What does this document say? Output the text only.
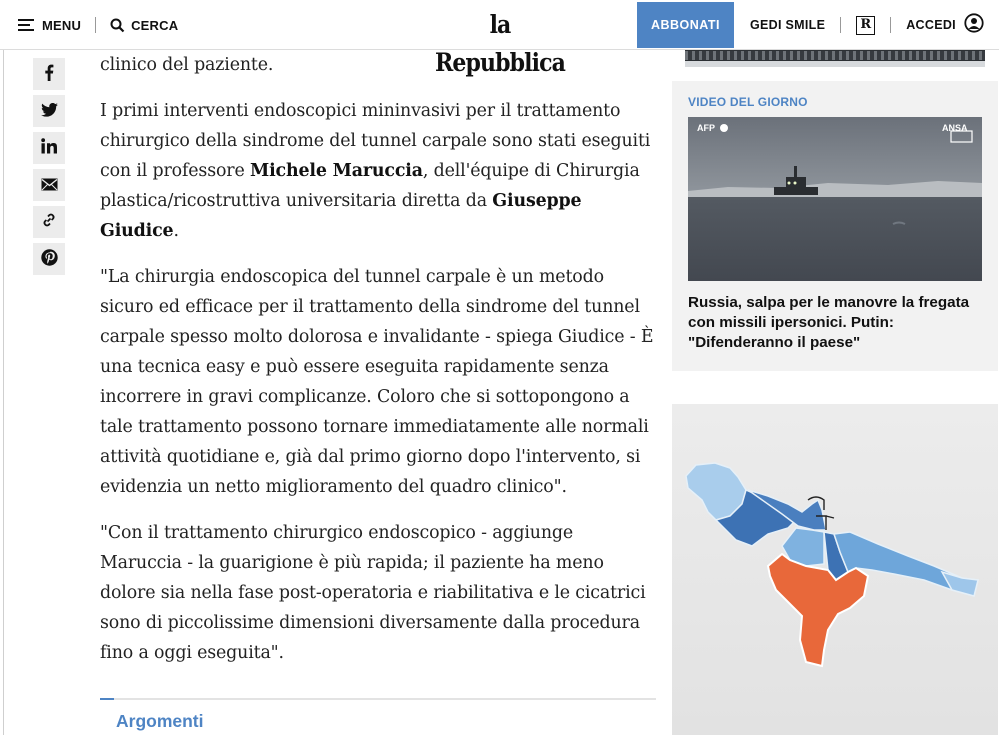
MENU	CERCA	la Repubblica
ABBONATI	GEDI SMILE	R	ACCEDI

clinico del paziente.

I primi interventi endoscopici mininvasivi per il trattamento chirurgico della sindrome del tunnel carpale sono stati eseguiti con il professore Michele Maruccia, dell'équipe di Chirurgia plastica/ricostruttiva universitaria diretta da Giuseppe Giudice.

"La chirurgia endoscopica del tunnel carpale è un metodo sicuro ed efficace per il trattamento della sindrome del tunnel carpale spesso molto dolorosa e invalidante - spiega Giudice - È una tecnica easy e può essere eseguita rapidamente senza incorrere in gravi complicanze. Coloro che si sottopongono a tale trattamento possono tornare immediatamente alle normali attività quotidiane e, già dal primo giorno dopo l'intervento, si evidenzia un netto miglioramento del quadro clinico".

"Con il trattamento chirurgico endoscopico - aggiunge Maruccia - la guarigione è più rapida; il paziente ha meno dolore sia nella fase post-operatoria e riabilitativa e le cicatrici sono di piccolissime dimensioni diversamente dalla procedura fino a oggi eseguita".

Argomenti
VIDEO DEL GIORNO
AFP	ANSA
Russia, salpa per le manovre la fregata con missili ipersonici. Putin: "Difenderanno il paese"
